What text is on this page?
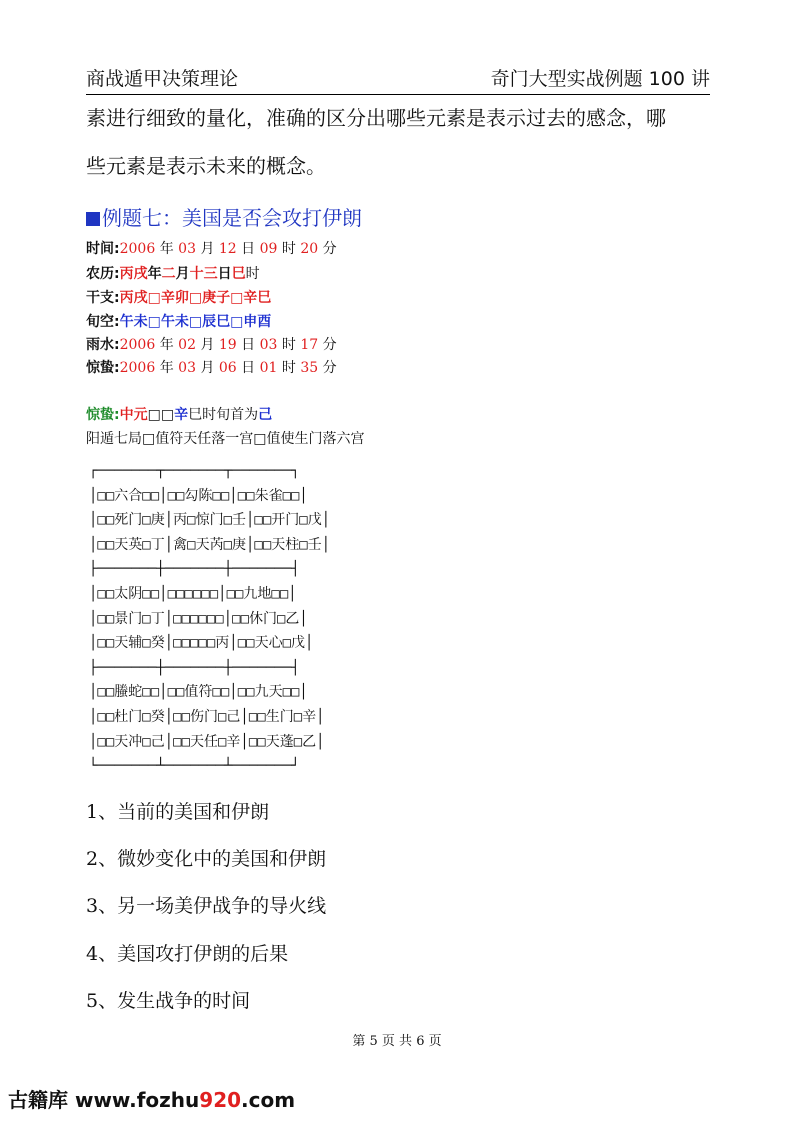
商战遁甲决策理论	奇门大型实战例题 100 讲
素进行细致的量化，准确的区分出哪些元素是表示过去的感念，哪
些元素是表示未来的概念。
例题七：美国是否会攻打伊朗
时间:2006 年 03 月 12 日 09 时 20 分
农历:丙戌年二月十三日巳时
干支:丙戌□辛卯□庚子□辛巳
旬空:午未□午未□辰巳□申酉
雨水:2006 年 02 月 19 日 03 时 17 分
惊蛰:2006 年 03 月 06 日 01 时 35 分
惊蛰:中元□□辛巳时旬首为己
阳遁七局□值符天任落一宫□值使生门落六宫
┌───────┬───────┬───────┐
│□□六合□□│□□勾陈□□│□□朱雀□□│
│□□死门□庚│丙□惊门□壬│□□开门□戊│
│□□天英□丁│禽□天芮□庚│□□天柱□壬│
├───────┼───────┼───────┤
│□□太阴□□│□□□□□□│□□九地□□│
│□□景门□丁│□□□□□□│□□休门□乙│
│□□天辅□癸│□□□□□丙│□□天心□戊│
├───────┼───────┼───────┤
│□□螣蛇□□│□□值符□□│□□九天□□│
│□□杜门□癸│□□伤门□己│□□生门□辛│
│□□天冲□己│□□天任□辛│□□天蓬□乙│
└───────┴───────┴───────┘
1、当前的美国和伊朗
2、微妙变化中的美国和伊朗
3、另一场美伊战争的导火线
4、美国攻打伊朗的后果
5、发生战争的时间
第 5 页 共 6 页
古籍库 www.fozhu920.com
